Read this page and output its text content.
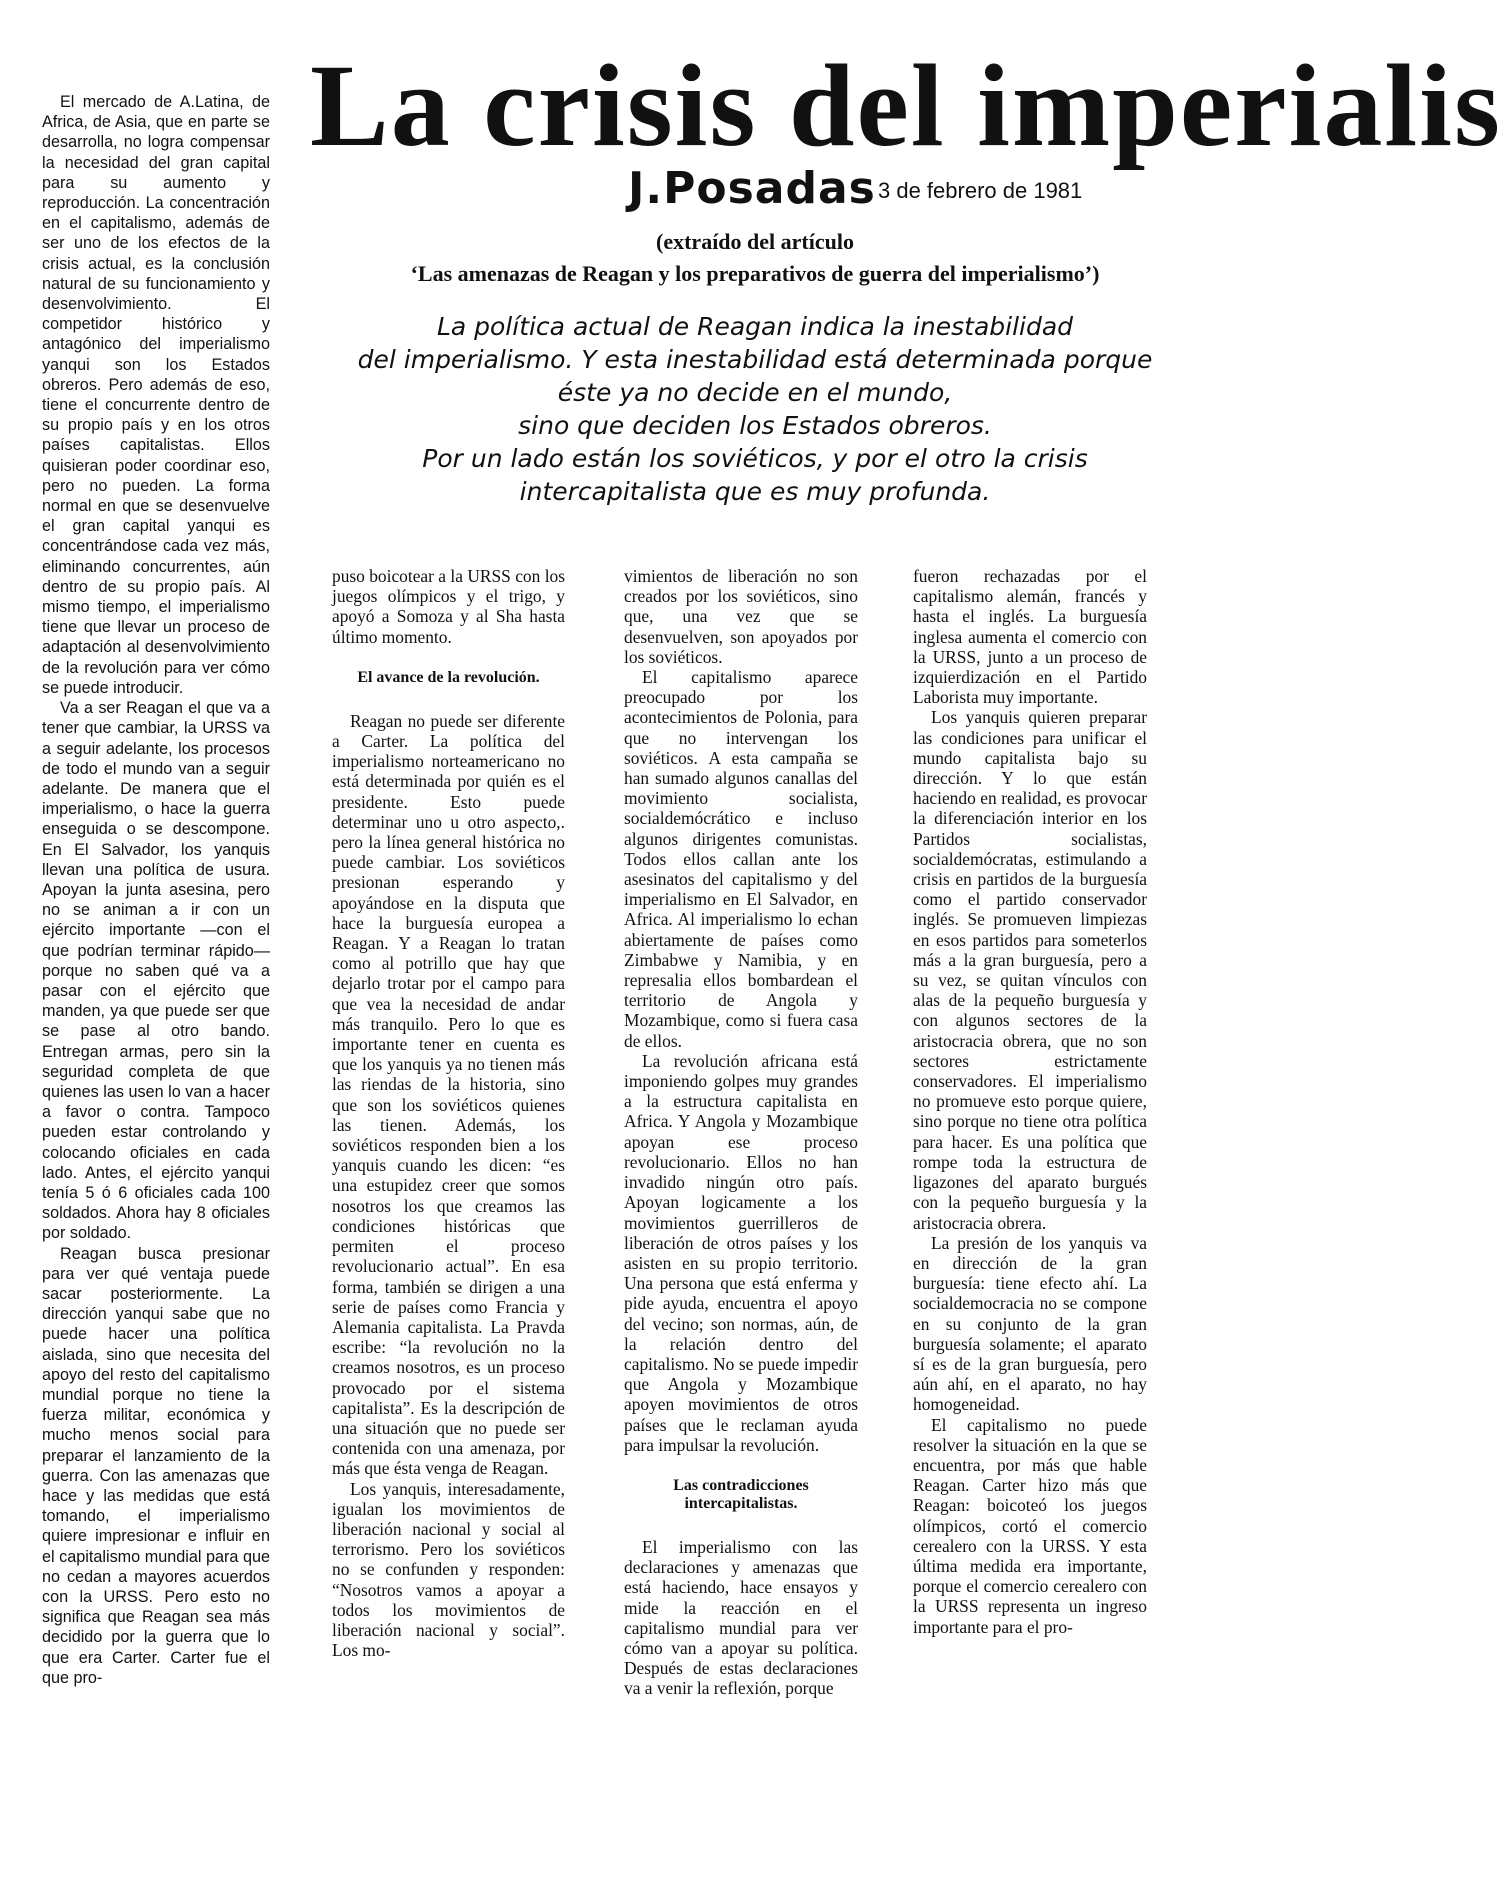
La crisis del imperialis
J.Posadas 3 de febrero de 1981
(extraído del artículo
‘Las amenazas de Reagan y los preparativos de guerra del imperialismo’)
La política actual de Reagan indica la inestabilidad
del imperialismo. Y esta inestabilidad está determinada porque
éste ya no decide en el mundo,
sino que deciden los Estados obreros.
Por un lado están los soviéticos, y por el otro la crisis
intercapitalista que es muy profunda.

El mercado de A.Latina, de Africa, de Asia, que en parte se desarrolla, no logra compensar la necesidad del gran capital para su aumento y reproducción. La concentración en el capitalismo, además de ser uno de los efectos de la crisis actual, es la conclusión natural de su funcionamiento y desenvolvimiento. El competidor histórico y antagónico del imperialismo yanqui son los Estados obreros. Pero además de eso, tiene el concurrente dentro de su propio país y en los otros países capitalistas. Ellos quisieran poder coordinar eso, pero no pueden. La forma normal en que se desenvuelve el gran capital yanqui es concentrándose cada vez más, eliminando concurrentes, aún dentro de su propio país. Al mismo tiempo, el imperialismo tiene que llevar un proceso de adaptación al desenvolvimiento de la revolución para ver cómo se puede introducir.

Va a ser Reagan el que va a tener que cambiar, la URSS va a seguir adelante, los procesos de todo el mundo van a seguir adelante. De manera que el imperialismo, o hace la guerra enseguida o se descompone. En El Salvador, los yanquis llevan una política de usura. Apoyan la junta asesina, pero no se animan a ir con un ejército importante —con el que podrían terminar rápido— porque no saben qué va a pasar con el ejército que manden, ya que puede ser que se pase al otro bando. Entregan armas, pero sin la seguridad completa de que quienes las usen lo van a hacer a favor o contra. Tampoco pueden estar controlando y colocando oficiales en cada lado. Antes, el ejército yanqui tenía 5 ó 6 oficiales cada 100 soldados. Ahora hay 8 oficiales por soldado.

Reagan busca presionar para ver qué ventaja puede sacar posteriormente. La dirección yanqui sabe que no puede hacer una política aislada, sino que necesita del apoyo del resto del capitalismo mundial porque no tiene la fuerza militar, económica y mucho menos social para preparar el lanzamiento de la guerra. Con las amenazas que hace y las medidas que está tomando, el imperialismo quiere impresionar e influir en el capitalismo mundial para que no cedan a mayores acuerdos con la URSS. Pero esto no significa que Reagan sea más decidido por la guerra que lo que era Carter. Carter fue el que pro-

puso boicotear a la URSS con los juegos olímpicos y el trigo, y apoyó a Somoza y al Sha hasta último momento.

El avance de la revolución.

Reagan no puede ser diferente a Carter. La política del imperialismo norteamericano no está determinada por quién es el presidente. Esto puede determinar uno u otro aspecto,. pero la línea general histórica no puede cambiar. Los soviéticos presionan esperando y apoyándose en la disputa que hace la burguesía europea a Reagan. Y a Reagan lo tratan como al potrillo que hay que dejarlo trotar por el campo para que vea la necesidad de andar más tranquilo. Pero lo que es importante tener en cuenta es que los yanquis ya no tienen más las riendas de la historia, sino que son los soviéticos quienes las tienen. Además, los soviéticos responden bien a los yanquis cuando les dicen: “es una estupidez creer que somos nosotros los que creamos las condiciones históricas que permiten el proceso revolucionario actual”. En esa forma, también se dirigen a una serie de países como Francia y Alemania capitalista. La Pravda escribe: “la revolución no la creamos nosotros, es un proceso provocado por el sistema capitalista”. Es la descripción de una situación que no puede ser contenida con una amenaza, por más que ésta venga de Reagan.

Los yanquis, interesadamente, igualan los movimientos de liberación nacional y social al terrorismo. Pero los soviéticos no se confunden y responden: “Nosotros vamos a apoyar a todos los movimientos de liberación nacional y social”. Los mo-

vimientos de liberación no son creados por los soviéticos, sino que, una vez que se desenvuelven, son apoyados por los soviéticos.

El capitalismo aparece preocupado por los acontecimientos de Polonia, para que no intervengan los soviéticos. A esta campaña se han sumado algunos canallas del movimiento socialista, socialdemócrático e incluso algunos dirigentes comunistas. Todos ellos callan ante los asesinatos del capitalismo y del imperialismo en El Salvador, en Africa. Al imperialismo lo echan abiertamente de países como Zimbabwe y Namibia, y en represalia ellos bombardean el territorio de Angola y Mozambique, como si fuera casa de ellos.

La revolución africana está imponiendo golpes muy grandes a la estructura capitalista en Africa. Y Angola y Mozambique apoyan ese proceso revolucionario. Ellos no han invadido ningún otro país. Apoyan logicamente a los movimientos guerrilleros de liberación de otros países y los asisten en su propio territorio. Una persona que está enferma y pide ayuda, encuentra el apoyo del vecino; son normas, aún, de la relación dentro del capitalismo. No se puede impedir que Angola y Mozambique apoyen movimientos de otros países que le reclaman ayuda para impulsar la revolución.

Las contradicciones intercapitalistas.

El imperialismo con las declaraciones y amenazas que está haciendo, hace ensayos y mide la reacción en el capitalismo mundial para ver cómo van a apoyar su política. Después de estas declaraciones va a venir la reflexión, porque

fueron rechazadas por el capitalismo alemán, francés y hasta el inglés. La burguesía inglesa aumenta el comercio con la URSS, junto a un proceso de izquierdización en el Partido Laborista muy importante.

Los yanquis quieren preparar las condiciones para unificar el mundo capitalista bajo su dirección. Y lo que están haciendo en realidad, es provocar la diferenciación interior en los Partidos socialistas, socialdemócratas, estimulando a crisis en partidos de la burguesía como el partido conservador inglés. Se promueven limpiezas en esos partidos para someterlos más a la gran burguesía, pero a su vez, se quitan vínculos con alas de la pequeño burguesía y con algunos sectores de la aristocracia obrera, que no son sectores estrictamente conservadores. El imperialismo no promueve esto porque quiere, sino porque no tiene otra política para hacer. Es una política que rompe toda la estructura de ligazones del aparato burgués con la pequeño burguesía y la aristocracia obrera.

La presión de los yanquis va en dirección de la gran burguesía: tiene efecto ahí. La socialdemocracia no se compone en su conjunto de la gran burguesía solamente; el aparato sí es de la gran burguesía, pero aún ahí, en el aparato, no hay homogeneidad.

El capitalismo no puede resolver la situación en la que se encuentra, por más que hable Reagan. Carter hizo más que Reagan: boicoteó los juegos olímpicos, cortó el comercio cerealero con la URSS. Y esta última medida era importante, porque el comercio cerealero con la URSS representa un ingreso importante para el pro-
